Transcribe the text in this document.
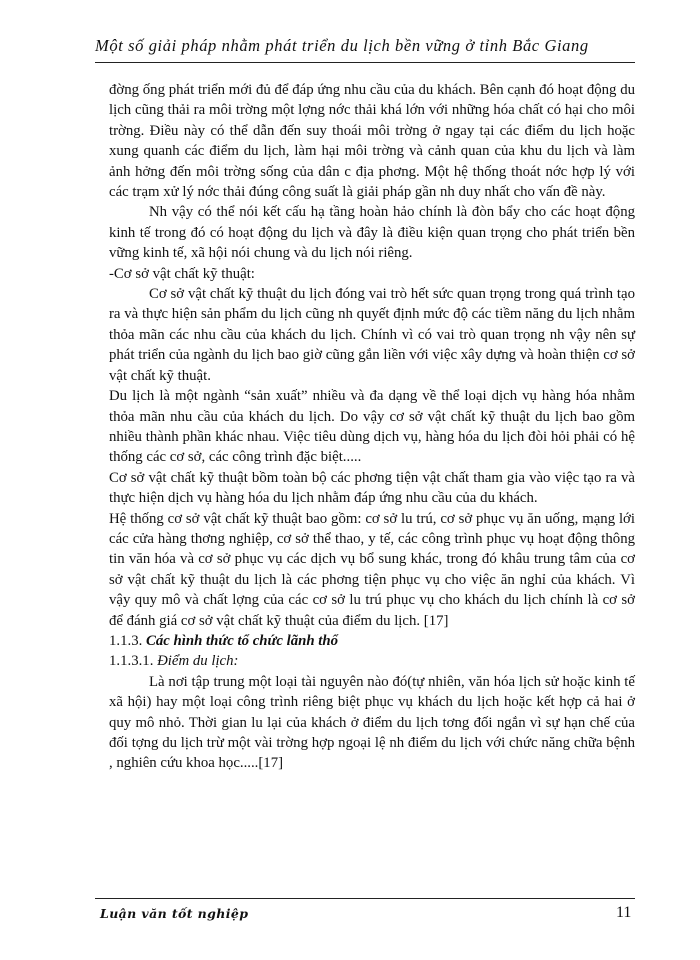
Một số giải pháp nhằm phát triển du lịch bền vững ở tỉnh Bắc Giang

đờng ống phát triển mới đủ để đáp ứng nhu cầu của du khách. Bên cạnh đó hoạt động du lịch cũng thải ra môi trờng một lợng nớc thải khá lớn với những hóa chất có hại cho môi trờng. Điều này có thể dẫn đến suy thoái môi trờng ở ngay tại các điểm du lịch hoặc xung quanh các điểm du lịch, làm hại môi trờng và cảnh quan của khu du lịch và làm ảnh hởng đến môi trờng sống của dân c địa phơng. Một hệ thống thoát nớc hợp lý với các trạm xử lý nớc thải đúng công suất là giải pháp gần nh duy nhất cho vấn đề này.

Nh vậy có thể nói kết cấu hạ tầng hoàn hảo chính là đòn bẩy cho các hoạt động kinh tế trong đó có hoạt động du lịch và đây là điều kiện quan trọng cho phát triển bền vững kinh tế, xã hội nói chung và du lịch nói riêng.

-Cơ sở vật chất kỹ thuật:

Cơ sở vật chất kỹ thuật du lịch đóng vai trò hết sức quan trọng trong quá trình tạo ra và thực hiện sản phẩm du lịch cũng nh quyết định mức độ các tiềm năng du lịch nhằm thỏa mãn các nhu cầu của khách du lịch. Chính vì có vai trò quan trọng nh vậy nên sự phát triển của ngành du lịch bao giờ cũng gắn liền với việc xây dựng và hoàn thiện cơ sở vật chất kỹ thuật.

Du lịch là một ngành “sản xuất” nhiều và đa dạng về thể loại dịch vụ hàng hóa nhằm thỏa mãn nhu cầu của khách du lịch. Do vậy cơ sở vật chất kỹ thuật du lịch bao gồm nhiều thành phần khác nhau. Việc tiêu dùng dịch vụ, hàng hóa du lịch đòi hỏi phải có hệ thống các cơ sở, các công trình đặc biệt.....

Cơ sở vật chất kỹ thuật bồm toàn bộ các phơng tiện vật chất tham gia vào việc tạo ra và thực hiện dịch vụ hàng hóa du lịch nhằm đáp ứng nhu cầu của du khách.

Hệ thống cơ sở vật chất kỹ thuật bao gồm: cơ sở lu trú, cơ sở phục vụ ăn uống, mạng lới các cửa hàng thơng nghiệp, cơ sở thể thao, y tế, các công trình phục vụ hoạt động thông tin văn hóa và cơ sở phục vụ các dịch vụ bổ sung khác, trong đó khâu trung tâm của cơ sở vật chất kỹ thuật du lịch là các phơng tiện phục vụ cho việc ăn nghỉ của khách. Vì vậy quy mô và chất lợng của các cơ sở lu trú phục vụ cho khách du lịch chính là cơ sở để đánh giá cơ sở vật chất kỹ thuật của điểm du lịch. [17]

1.1.3. Các hình thức tổ chức lãnh thổ

1.1.3.1. Điểm du lịch:

Là nơi tập trung một loại tài nguyên nào đó(tự nhiên, văn hóa lịch sử hoặc kinh tế xã hội) hay một loại công trình riêng biệt phục vụ khách du lịch hoặc kết hợp cả hai ở quy mô nhỏ. Thời gian lu lại của khách ở điểm du lịch tơng đối ngắn vì sự hạn chế của đối tợng du lịch trừ một vài trờng hợp ngoại lệ nh điểm du lịch với chức năng chữa bệnh , nghiên cứu khoa học.....[17]

Luận văn tốt nghiệp	11
